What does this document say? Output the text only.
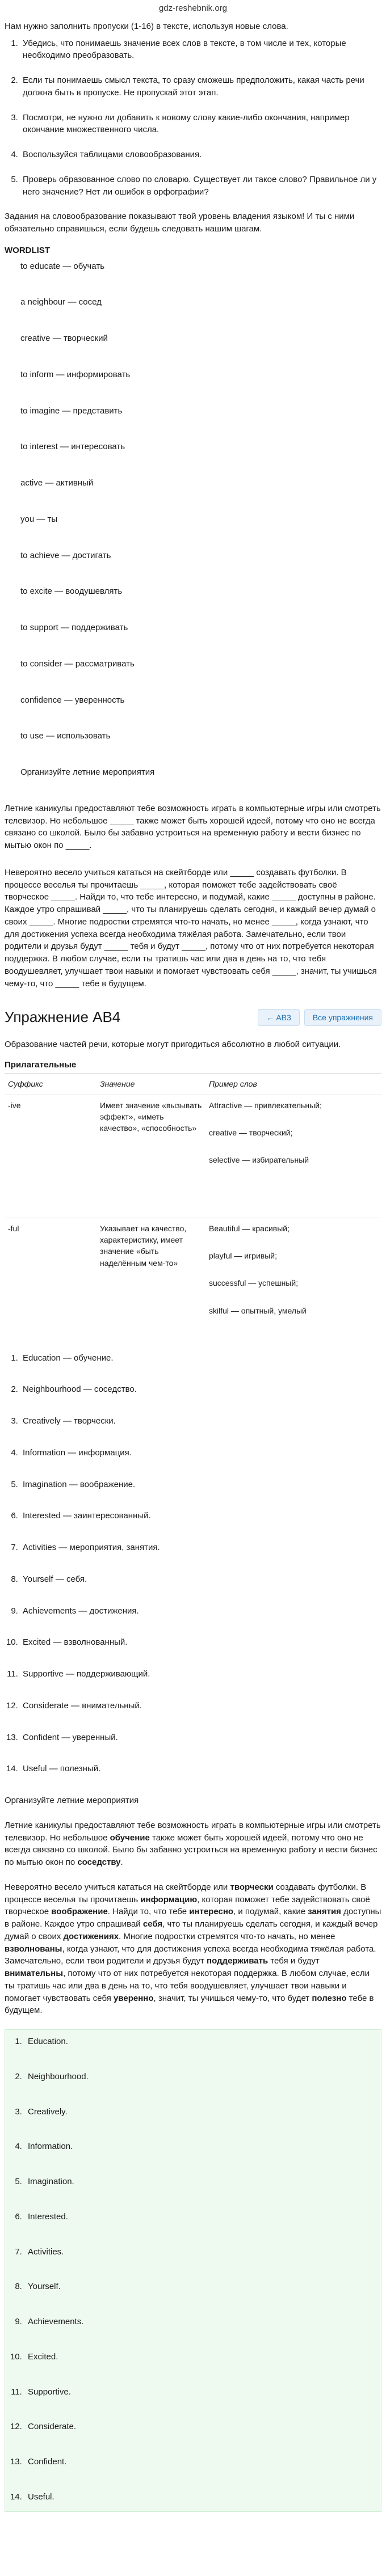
gdz-reshebnik.org
Нам нужно заполнить пропуски (1-16) в тексте, используя новые слова.
1. Убедись, что понимаешь значение всех слов в тексте, в том числе и тех, которые необходимо преобразовать.
2. Если ты понимаешь смысл текста, то сразу сможешь предположить, какая часть речи должна быть в пропуске. Не пропускай этот этап.
3. Посмотри, не нужно ли добавить к новому слову какие-либо окончания, например окончание множественного числа.
4. Воспользуйся таблицами словообразования.
5. Проверь образованное слово по словарю. Существует ли такое слово? Правильное ли у него значение? Нет ли ошибок в орфографии?

Задания на словообразование показывают твой уровень владения языком! И ты с ними обязательно справишься, если будешь следовать нашим шагам.

WORDLIST
to educate — обучать
a neighbour — сосед
creative — творческий
to inform — информировать
to imagine — представить
to interest — интересовать
active — активный
you — ты
to achieve — достигать
to excite — воодушевлять
to support — поддерживать
to consider — рассматривать
confidence — уверенность
to use — использовать
Организуйте летние мероприятия

Летние каникулы предоставляют тебе возможность играть в компьютерные игры или смотреть телевизор. Но небольшое _____ также может быть хорошей идеей, потому что оно не всегда связано со школой. Было бы забавно устроиться на временную работу и вести бизнес по мытью окон по _____.

Невероятно весело учиться кататься на скейтборде или _____ создавать футболки. В процессе веселья ты прочитаешь _____, которая поможет тебе задействовать своё творческое _____. Найди то, что тебе интересно, и подумай, какие _____ доступны в районе. Каждое утро спрашивай _____, что ты планируешь сделать сегодня, и каждый вечер думай о своих _____. Многие подростки стремятся что-то начать, но менее _____, когда узнают, что для достижения успеха всегда необходима тяжёлая работа. Замечательно, если твои родители и друзья будут _____ тебя и будут _____, потому что от них потребуется некоторая поддержка. В любом случае, если ты тратишь час или два в день на то, что тебя воодушевляет, улучшает твои навыки и помогает чувствовать себя _____, значит, ты учишься чему-то, что _____ тебе в будущем.

Упражнение AB4	← AB3	Все упражнения

Образование частей речи, которые могут пригодиться абсолютно в любой ситуации.

Прилагательные
Суффикс	Значение	Пример слов
-ive	Имеет значение «вызывать эффект», «иметь качество», «способность»	Attractive — привлекательный;
creative — творческий;
selective — избирательный

-ful	Указывает на качество, характеристику, имеет значение «быть наделённым чем-то»	Beautiful — красивый;
playful — игривый;
successful — успешный;
skilful — опытный, умелый
1. Education — обучение.
2. Neighbourhood — соседство.
3. Creatively — творчески.
4. Information — информация.
5. Imagination — воображение.
6. Interested — заинтересованный.
7. Activities — мероприятия, занятия.
8. Yourself — себя.
9. Achievements — достижения.
10. Excited — взволнованный.
11. Supportive — поддерживающий.
12. Considerate — внимательный.
13. Confident — уверенный.
14. Useful — полезный.

Организуйте летние мероприятия

Летние каникулы предоставляют тебе возможность играть в компьютерные игры или смотреть телевизор. Но небольшое обучение также может быть хорошей идеей, потому что оно не всегда связано со школой. Было бы забавно устроиться на временную работу и вести бизнес по мытью окон по соседству.

Невероятно весело учиться кататься на скейтборде или творчески создавать футболки. В процессе веселья ты прочитаешь информацию, которая поможет тебе задействовать своё творческое воображение. Найди то, что тебе интересно, и подумай, какие занятия доступны в районе. Каждое утро спрашивай себя, что ты планируешь сделать сегодня, и каждый вечер думай о своих достижениях. Многие подростки стремятся что-то начать, но менее взволнованы, когда узнают, что для достижения успеха всегда необходима тяжёлая работа. Замечательно, если твои родители и друзья будут поддерживать тебя и будут внимательны, потому что от них потребуется некоторая поддержка. В любом случае, если ты тратишь час или два в день на то, что тебя воодушевляет, улучшает твои навыки и помогает чувствовать себя уверенно, значит, ты учишься чему-то, что будет полезно тебе в будущем.

1. Education.
2. Neighbourhood.
3. Creatively.
4. Information.
5. Imagination.
6. Interested.
7. Activities.
8. Yourself.
9. Achievements.
10. Excited.
11. Supportive.
12. Considerate.
13. Confident.
14. Useful.
